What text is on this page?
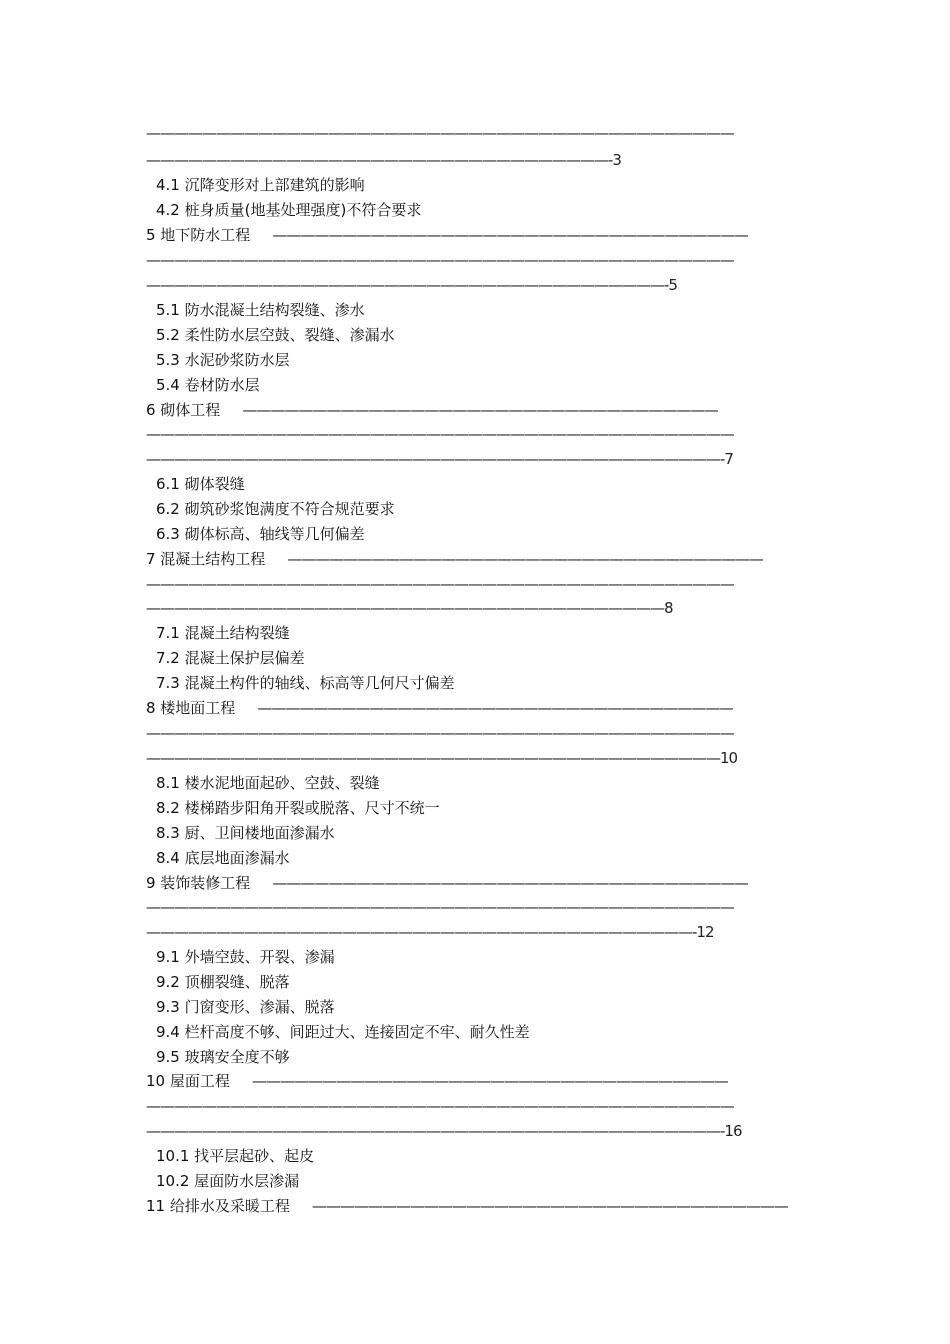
——————————————————————————————————————————
—————————————————————————————————-3
4.1 沉降变形对上部建筑的影响
4.2 桩身质量(地基处理强度)不符合要求
5 地下防水工程 ——————————————————————————————————
——————————————————————————————————————————
—————————————————————————————————————-5
5.1 防水混凝土结构裂缝、渗水
5.2 柔性防水层空鼓、裂缝、渗漏水
5.3 水泥砂浆防水层
5.4 卷材防水层
6 砌体工程 ——————————————————————————————————
——————————————————————————————————————————
—————————————————————————————————————————-7
6.1 砌体裂缝
6.2 砌筑砂浆饱满度不符合规范要求
6.3 砌体标高、轴线等几何偏差
7 混凝土结构工程 ——————————————————————————————————
——————————————————————————————————————————
—————————————————————————————————————8
7.1 混凝土结构裂缝
7.2 混凝土保护层偏差
7.3 混凝土构件的轴线、标高等几何尺寸偏差
8 楼地面工程 ——————————————————————————————————
——————————————————————————————————————————
—————————————————————————————————————————10
8.1 楼水泥地面起砂、空鼓、裂缝
8.2 楼梯踏步阳角开裂或脱落、尺寸不统一
8.3 厨、卫间楼地面渗漏水
8.4 底层地面渗漏水
9 装饰装修工程 ——————————————————————————————————
——————————————————————————————————————————
———————————————————————————————————————-12
9.1 外墙空鼓、开裂、渗漏
9.2 顶棚裂缝、脱落
9.3 门窗变形、渗漏、脱落
9.4 栏杆高度不够、间距过大、连接固定不牢、耐久性差
9.5 玻璃安全度不够
10 屋面工程 ——————————————————————————————————
——————————————————————————————————————————
—————————————————————————————————————————-16
10.1 找平层起砂、起皮
10.2 屋面防水层渗漏
11 给排水及采暖工程 ——————————————————————————————————
